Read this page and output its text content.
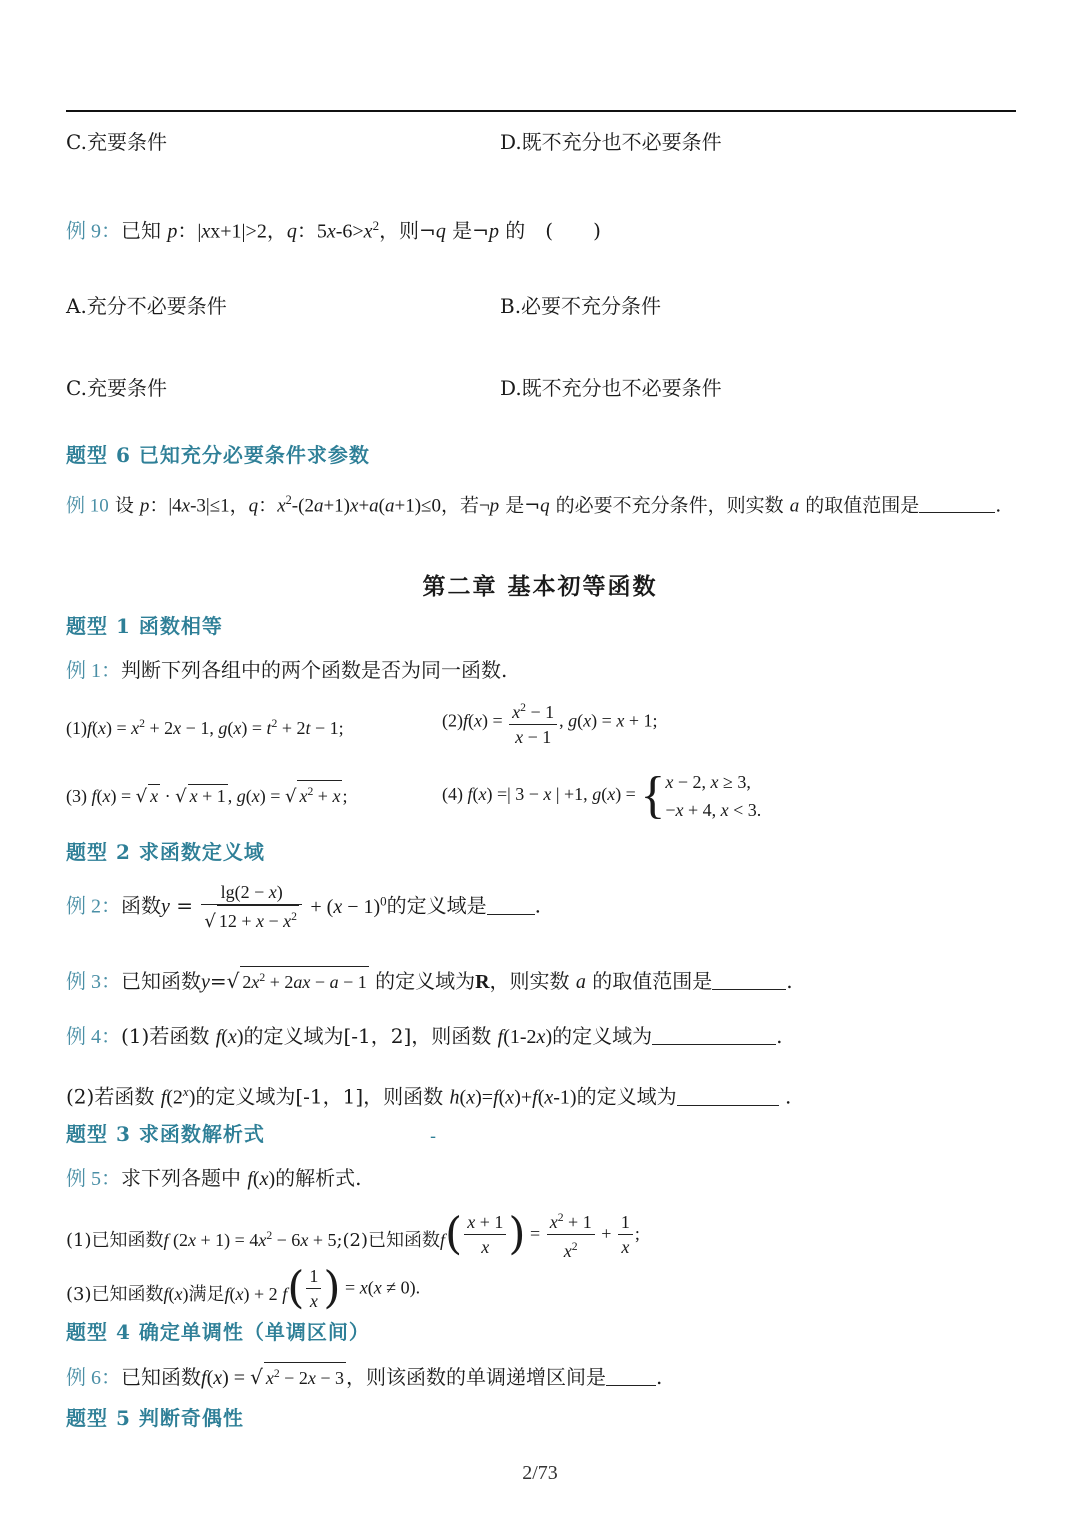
C.充要条件	D.既不充分也不必要条件
例 9：已知 p：|xx+1|>2，q：$5x-6>x^2$，则¬q 是¬p 的　(　　)
A.充分不必要条件	B.必要不充分条件
C.充要条件	D.既不充分也不必要条件
题型 6 已知充分必要条件求参数
例 10 设 p：|4x-3|≤1，q：$x^2-(2a+1)x+a(a+1)\le 0$，若¬p 是¬q 的必要不充分条件，则实数 a 的取值范围是	.
第二章 基本初等函数
题型 1 函数相等
例 1：判断下列各组中的两个函数是否为同一函数.
$(1)f(x) = x^2 + 2x - 1$, $g(x) = t^2 + 2t - 1$;	$(2)f(x) = \frac{x^2 - 1}{x - 1}$ , g(x) = x + 1;
(3) f(x) = √ x · √ x + 1 , g(x) = √ $x^2 + x$ ;	(4) f(x) =| 3 − x | +1, g(x) = { x − 2, x ≥ 3,
−x + 4, x < 3.
题型 2 求函数定义域
例 2：函数$y = \frac{\lg(2 - x)}{√ 12 + x - x^2} + (x - 1)^0$的定义域是 .
例 3：已知函数y=√ $2x^2 + 2ax - a - 1$ 的定义域为R，则实数 a 的取值范围是	.
例 4：(1)若函数 f(x)的定义域为[-1，2]，则函数 f(1-2x)的定义域为	.
(2)若函数 f(2$^x$)的定义域为[-1，1]，则函数 h(x)=f(x)+f(x-1)的定义域为	.
题型 3 求函数解析式	-
例 5：求下列各题中 f(x)的解析式.
(1)已知函数f $(2x + 1) = 4x^2 - 6x$ + 5;(2)已知函数$f( \frac{x + 1}{x}$ ) = $\frac{x^2 + 1}{x^2} + \frac{1}{x}$ ;
(3)已知函数f(x)满足f(x) + 2 $f( \frac{1}{x}$ ) = x(x ≠ 0).
题型 4 确定单调性（单调区间）
例 6：已知函数f(x) = √ $x^2 - 2x - 3$ ，则该函数的单调递增区间是	.
题型 5 判断奇偶性
2/73
